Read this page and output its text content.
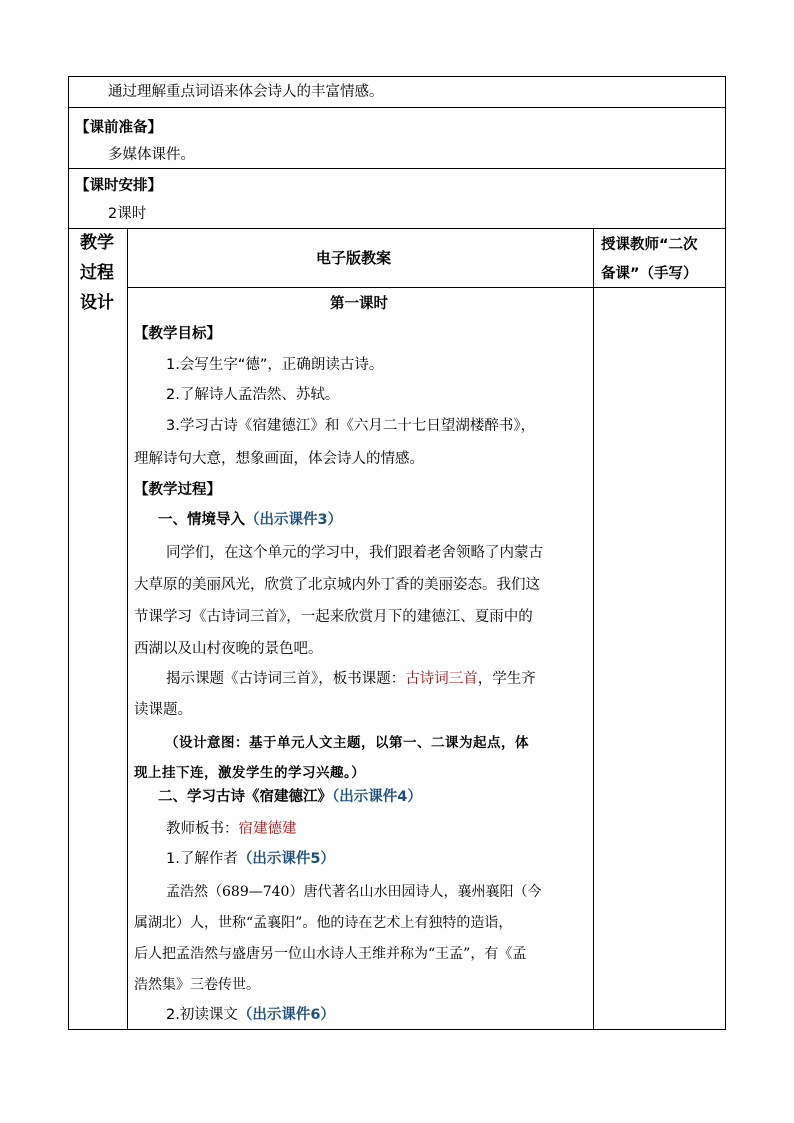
通过理解重点词语来体会诗人的丰富情感。
【课前准备】
多媒体课件。
【课时安排】
2课时
教学
过程
设计
电子版教案
授课教师“二次
备课”（手写）
第一课时
【教学目标】
1.会写生字“德”，正确朗读古诗。
2.了解诗人孟浩然、苏轼。
3.学习古诗《宿建德江》和《六月二十七日望湖楼醉书》，
理解诗句大意，想象画面，体会诗人的情感。
【教学过程】
一、情境导入（出示课件3）
同学们，在这个单元的学习中，我们跟着老舍领略了内蒙古
大草原的美丽风光，欣赏了北京城内外丁香的美丽姿态。我们这
节课学习《古诗词三首》，一起来欣赏月下的建德江、夏雨中的
西湖以及山村夜晚的景色吧。
揭示课题《古诗词三首》，板书课题：古诗词三首，学生齐
读课题。
（设计意图：基于单元人文主题，以第一、二课为起点，体
现上挂下连，激发学生的学习兴趣。）
二、学习古诗《宿建德江》（出示课件4）
教师板书：宿建德建
1.了解作者（出示课件5）
孟浩然（689—740）唐代著名山水田园诗人，襄州襄阳（今
属湖北）人，世称“孟襄阳”。他的诗在艺术上有独特的造诣，
后人把孟浩然与盛唐另一位山水诗人王维并称为“王孟”，有《孟
浩然集》三卷传世。
2.初读课文（出示课件6）
